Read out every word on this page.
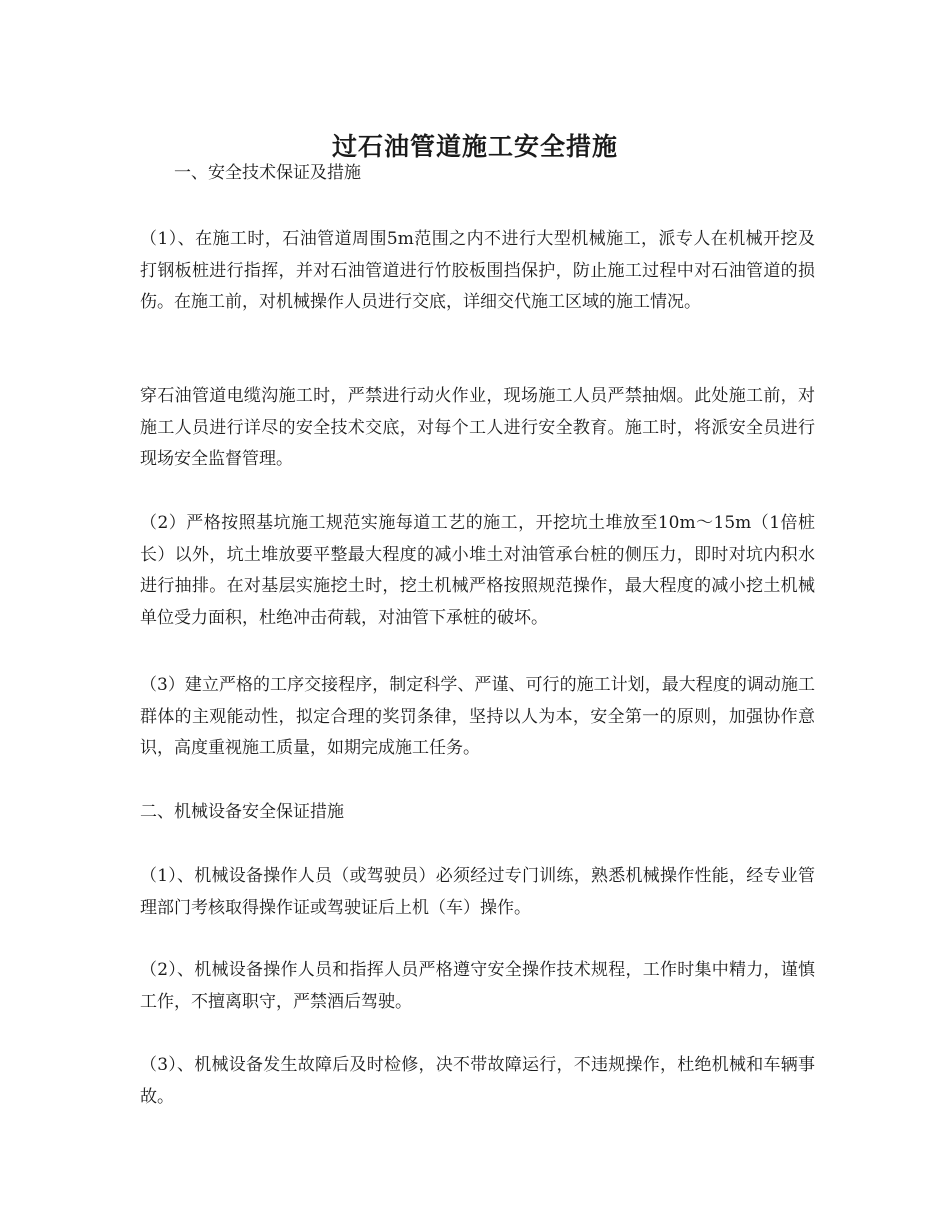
过石油管道施工安全措施

一、安全技术保证及措施

（1）、在施工时，石油管道周围5m范围之内不进行大型机械施工，派专人在机械开挖及打钢板桩进行指挥，并对石油管道进行竹胶板围挡保护，防止施工过程中对石油管道的损伤。在施工前，对机械操作人员进行交底，详细交代施工区域的施工情况。

穿石油管道电缆沟施工时，严禁进行动火作业，现场施工人员严禁抽烟。此处施工前，对施工人员进行详尽的安全技术交底，对每个工人进行安全教育。施工时，将派安全员进行现场安全监督管理。

（2）严格按照基坑施工规范实施每道工艺的施工，开挖坑土堆放至10m～15m（1倍桩长）以外，坑土堆放要平整最大程度的减小堆土对油管承台桩的侧压力，即时对坑内积水进行抽排。在对基层实施挖土时，挖土机械严格按照规范操作，最大程度的减小挖土机械单位受力面积，杜绝冲击荷载，对油管下承桩的破坏。

（3）建立严格的工序交接程序，制定科学、严谨、可行的施工计划，最大程度的调动施工群体的主观能动性，拟定合理的奖罚条律，坚持以人为本，安全第一的原则，加强协作意识，高度重视施工质量，如期完成施工任务。

二、机械设备安全保证措施

（1）、机械设备操作人员（或驾驶员）必须经过专门训练，熟悉机械操作性能，经专业管理部门考核取得操作证或驾驶证后上机（车）操作。

（2）、机械设备操作人员和指挥人员严格遵守安全操作技术规程，工作时集中精力，谨慎工作，不擅离职守，严禁酒后驾驶。

（3）、机械设备发生故障后及时检修，决不带故障运行，不违规操作，杜绝机械和车辆事故。
